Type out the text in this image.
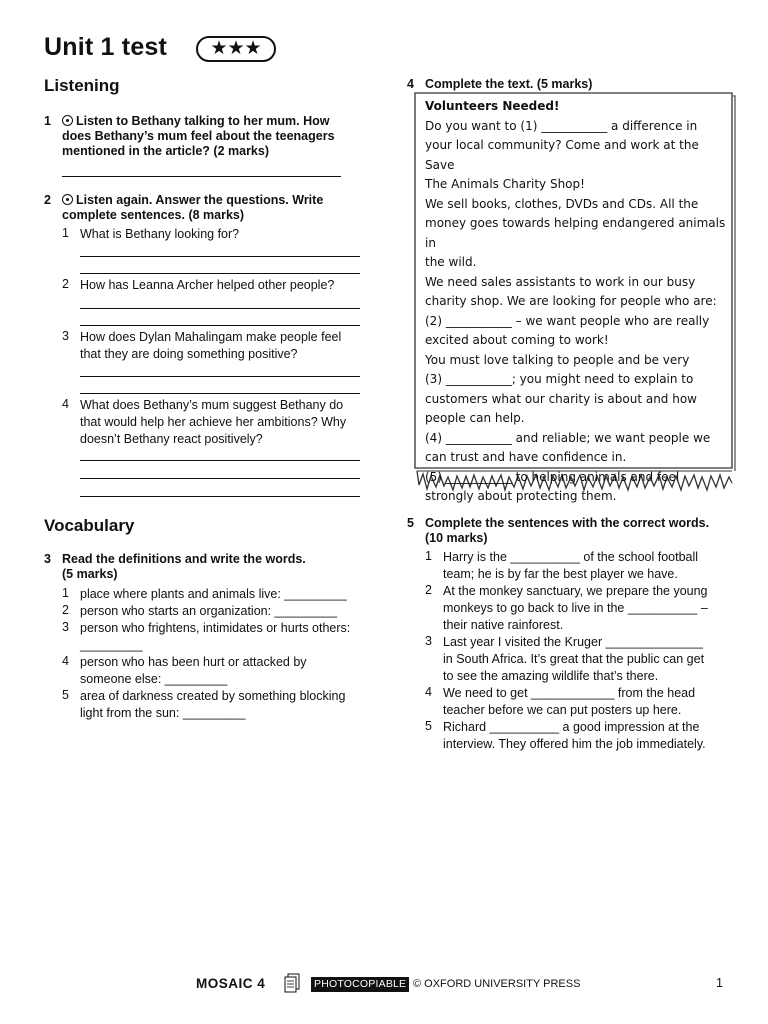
Unit 1 test	★★★
Listening
1	Listen to Bethany talking to her mum. How
does Bethany’s mum feel about the teenagers
mentioned in the article? (2 marks)
2	Listen again. Answer the questions. Write
complete sentences. (8 marks)
1 What is Bethany looking for?
2 How has Leanna Archer helped other people?
3 How does Dylan Mahalingam make people feel
that they are doing something positive?
4 What does Bethany’s mum suggest Bethany do
that would help her achieve her ambitions? Why
doesn’t Bethany react positively?
Vocabulary
3 Read the definitions and write the words.
(5 marks)
1 place where plants and animals live: _________
2 person who starts an organization: _________
3 person who frightens, intimidates or hurts others:
_________
4 person who has been hurt or attacked by
someone else: _________
5 area of darkness created by something blocking
light from the sun: _________
4 Complete the text. (5 marks)
Volunteers Needed!
Do you want to (1) ___________ a difference in
your local community? Come and work at the Save
The Animals Charity Shop!
We sell books, clothes, DVDs and CDs. All the
money goes towards helping endangered animals in
the wild.
We need sales assistants to work in our busy
charity shop. We are looking for people who are:
(2) ___________ – we want people who are really
excited about coming to work!
You must love talking to people and be very
(3) ___________; you might need to explain to
customers what our charity is about and how
people can help.
(4) ___________ and reliable; we want people we
can trust and have confidence in.
(5) ___________ to helping animals and feel
strongly about protecting them.
5 Complete the sentences with the correct words.
(10 marks)
1 Harry is the __________ of the school football
team; he is by far the best player we have.
2 At the monkey sanctuary, we prepare the young
monkeys to go back to live in the __________ –
their native rainforest.
3 Last year I visited the Kruger ______________
in South Africa. It’s great that the public can get
to see the amazing wildlife that’s there.
4 We need to get ____________ from the head
teacher before we can put posters up here.
5 Richard __________ a good impression at the
interview. They offered him the job immediately.
MOSAIC 4	PHOTOCOPIABLE © OXFORD UNIVERSITY PRESS	1
